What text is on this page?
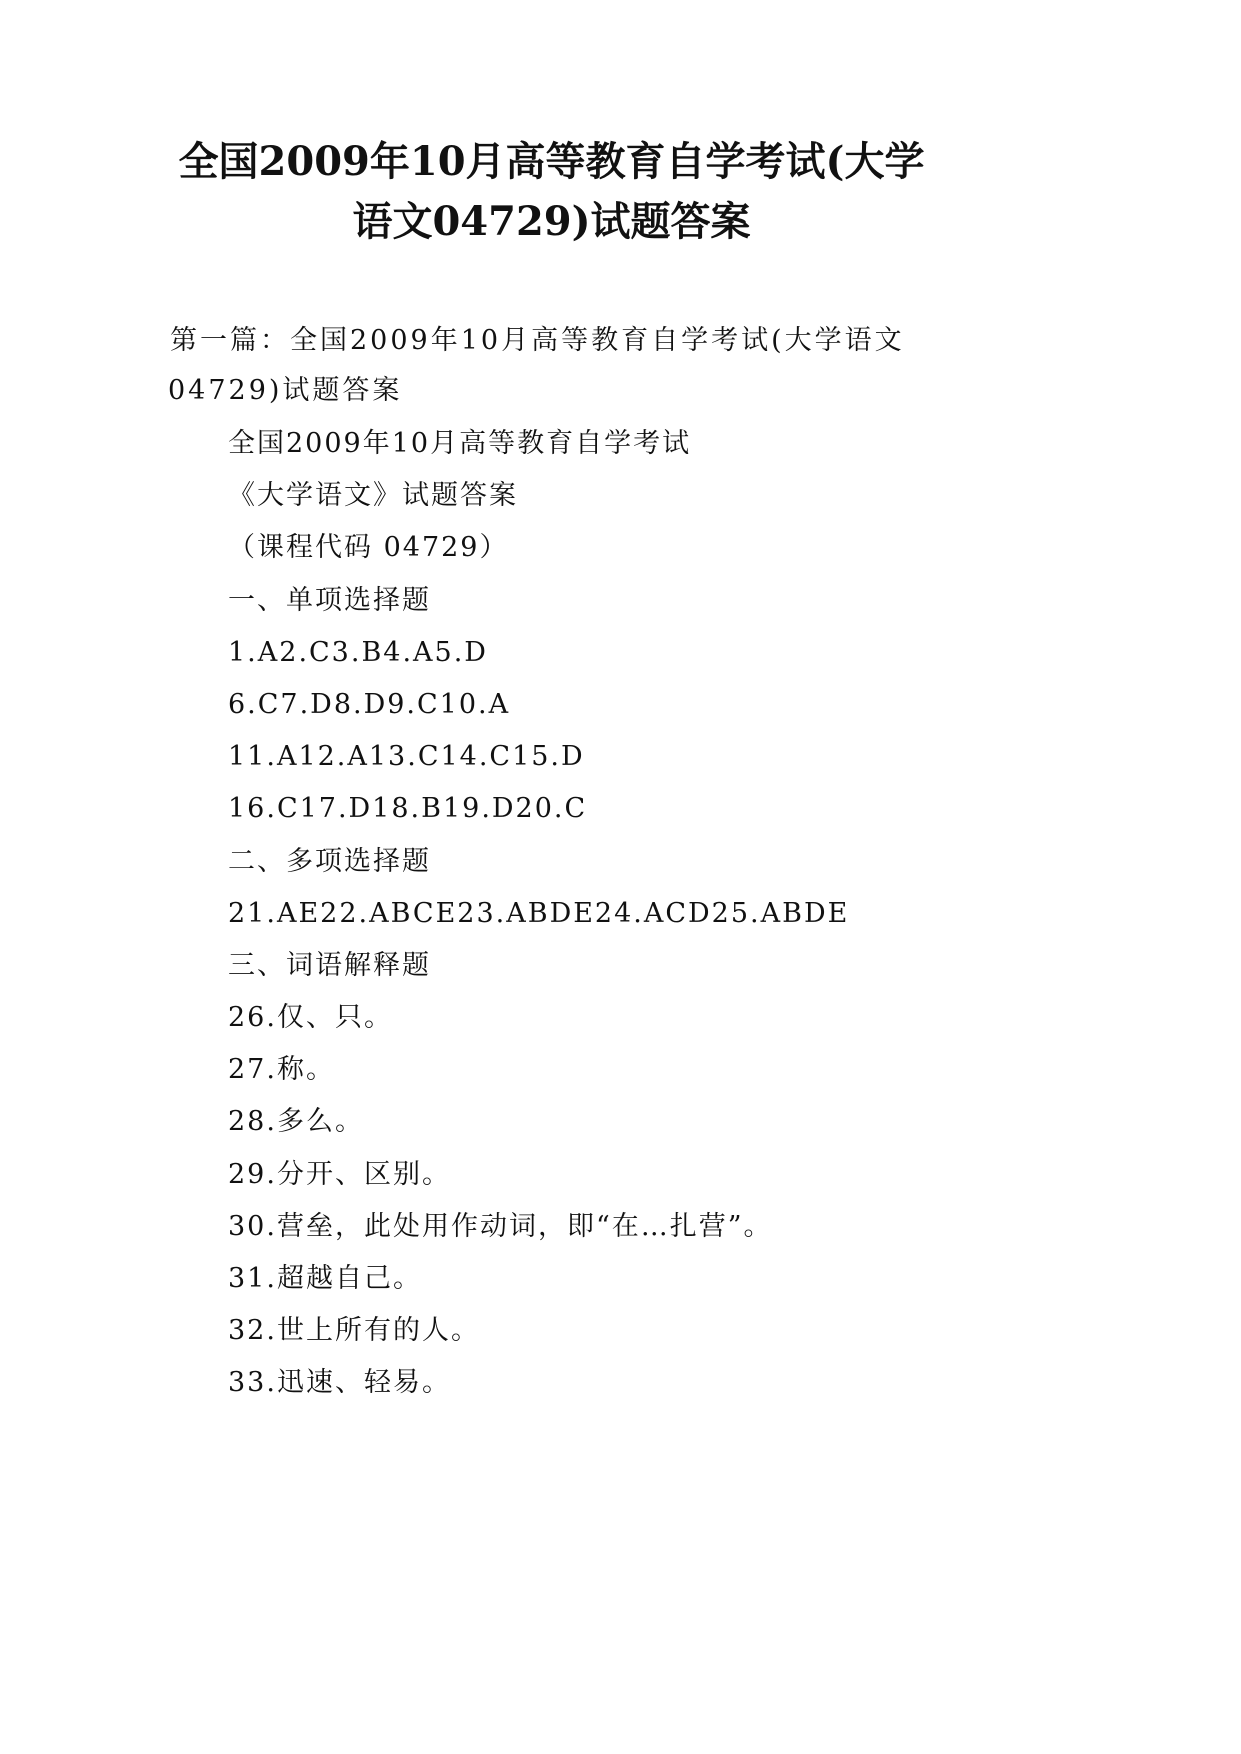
全国2009年10月高等教育自学考试(大学
语文04729)试题答案
第一篇：全国2009年10月高等教育自学考试(大学语文
04729)试题答案
全国2009年10月高等教育自学考试
《大学语文》试题答案
（课程代码 04729）
一、单项选择题
1.A2.C3.B4.A5.D
6.C7.D8.D9.C10.A
11.A12.A13.C14.C15.D
16.C17.D18.B19.D20.C
二、多项选择题
21.AE22.ABCE23.ABDE24.ACD25.ABDE
三、词语解释题
26.仅、只。
27.称。
28.多么。
29.分开、区别。
30.营垒，此处用作动词，即“在…扎营”。
31.超越自己。
32.世上所有的人。
33.迅速、轻易。
